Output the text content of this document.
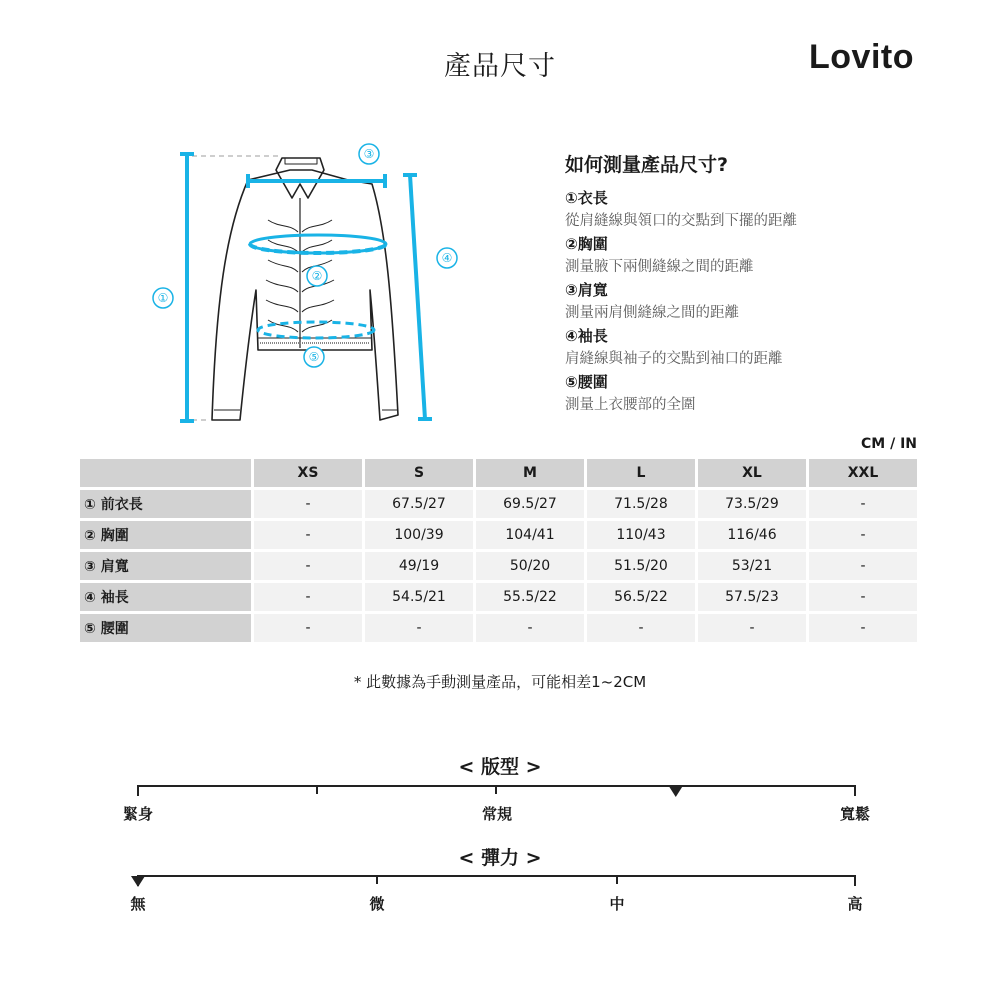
產品尺寸	Lovito
①
②
③
④
⑤
如何測量產品尺寸?

①衣長

從肩縫線與領口的交點到下擺的距離

②胸圍

測量腋下兩側縫線之間的距離

③肩寬

測量兩肩側縫線之間的距離

④袖長

肩縫線與袖子的交點到袖口的距離

⑤腰圍

測量上衣腰部的全圍

CM / IN
	XS	S	M	L	XL	XXL
① 前衣長	-	67.5/27	69.5/27	71.5/28	73.5/29	-
② 胸圍	-	100/39	104/41	110/43	116/46	-
③ 肩寬	-	49/19	50/20	51.5/20	53/21	-
④ 袖長	-	54.5/21	55.5/22	56.5/22	57.5/23	-
⑤ 腰圍	-	-	-	-	-	-
* 此數據為手動測量產品，可能相差1~2CM
< 版型 >
緊身	常規	寬鬆
< 彈力 >
無	微	中	高
